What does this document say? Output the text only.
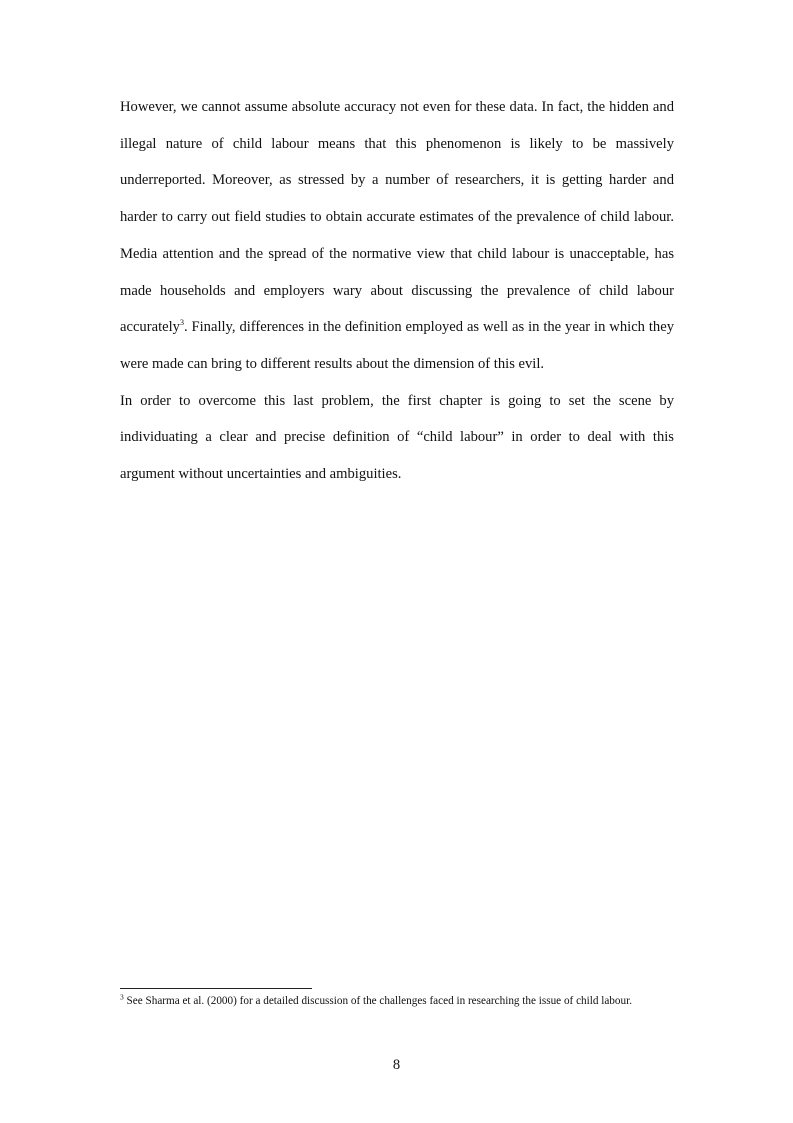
However, we cannot assume absolute accuracy not even for these data. In fact, the hidden and illegal nature of child labour means that this phenomenon is likely to be massively underreported. Moreover, as stressed by a number of researchers, it is getting harder and harder to carry out field studies to obtain accurate estimates of the prevalence of child labour. Media attention and the spread of the normative view that child labour is unacceptable, has made households and employers wary about discussing the prevalence of child labour accurately$^3$. Finally, differences in the definition employed as well as in the year in which they were made can bring to different results about the dimension of this evil.

In order to overcome this last problem, the first chapter is going to set the scene by individuating a clear and precise definition of “child labour” in order to deal with this argument without uncertainties and ambiguities.

$^3$ See Sharma et al. (2000) for a detailed discussion of the challenges faced in researching the issue of child labour.
8
